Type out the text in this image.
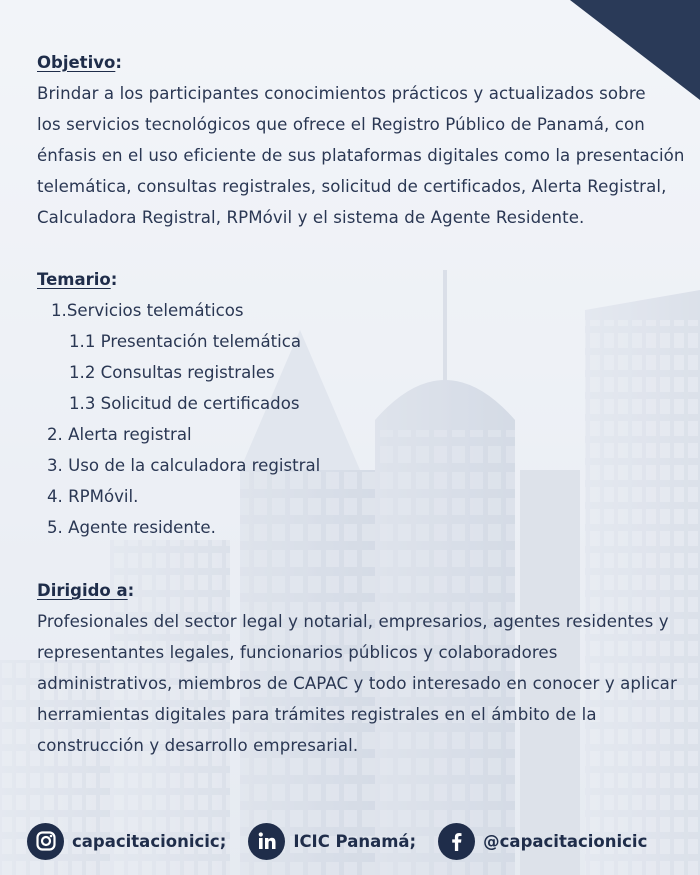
Objetivo:

Brindar a los participantes conocimientos prácticos y actualizados sobre
los servicios tecnológicos que ofrece el Registro Público de Panamá, con
énfasis en el uso eficiente de sus plataformas digitales como la presentación
telemática, consultas registrales, solicitud de certificados, Alerta Registral,
Calculadora Registral, RPMóvil y el sistema de Agente Residente.

Temario:
1.Servicios telemáticos
1.1 Presentación telemática
1.2 Consultas registrales
1.3 Solicitud de certificados
2. Alerta registral
3. Uso de la calculadora registral
4. RPMóvil.
5. Agente residente.
Dirigido a:

Profesionales del sector legal y notarial, empresarios, agentes residentes y
representantes legales, funcionarios públicos y colaboradores
administrativos, miembros de CAPAC y todo interesado en conocer y aplicar
herramientas digitales para trámites registrales en el ámbito de la
construcción y desarrollo empresarial.

capacitacionicic;	ICIC Panamá;	@capacitacionicic
